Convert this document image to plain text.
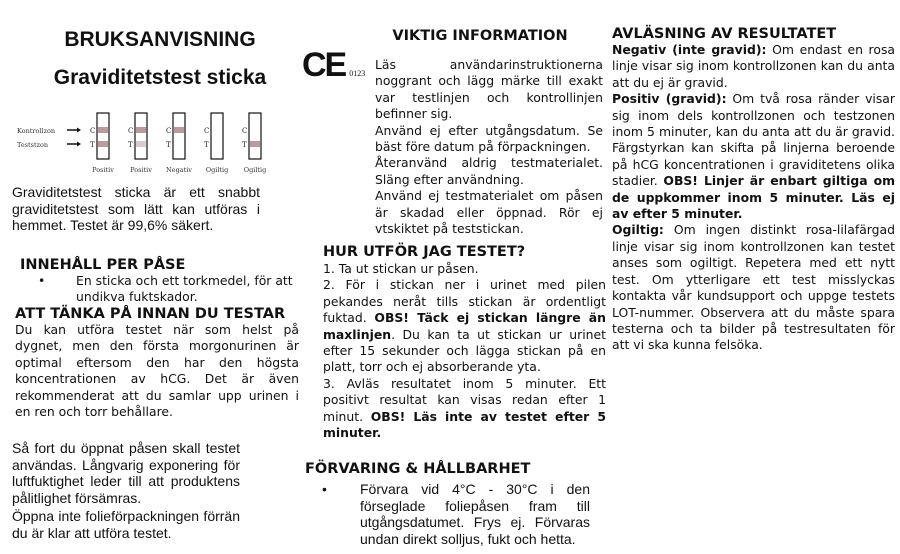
BRUKSANVISNING
Graviditetstest sticka	CE 0123
Kontrollzon
Teststzon
C
T
Positiv
C
T
Positiv
C
T
Negativ
C
T
Ogiltig
C
T
Ogiltig
Graviditetstest sticka är ett snabbt graviditetstest som lätt kan utföras i hemmet. Testet är 99,6% säkert.
INNEHÅLL PER PÅSE
• En sticka och ett torkmedel, för att undikva fuktskador.
ATT TÄNKA PÅ INNAN DU TESTAR
Du kan utföra testet när som helst på dygnet, men den första morgonurinen är optimal eftersom den har den högsta koncentrationen av hCG. Det är även rekommenderat att du samlar upp urinen i en ren och torr behållare.
Så fort du öppnat påsen skall testet användas. Långvarig exponering för luftfuktighet leder till att produktens pålitlighet försämras.
Öppna inte folieförpackningen förrän du är klar att utföra testet.
VIKTIG INFORMATION
Läs användarinstruktionerna noggrant och lägg märke till exakt var testlinjen och kontrollinjen befinner sig.
Använd ej efter utgångsdatum. Se bäst före datum på förpackningen.
Återanvänd aldrig testmaterialet. Släng efter användning.
Använd ej testmaterialet om påsen är skadad eller öppnad. Rör ej vtskiktet på teststickan.
HUR UTFÖR JAG TESTET?
1. Ta ut stickan ur påsen.
2. För i stickan ner i urinet med pilen pekandes neråt tills stickan är ordentligt fuktad. OBS! Täck ej stickan längre än maxlinjen. Du kan ta ut stickan ur urinet efter 15 sekunder och lägga stickan på en platt, torr och ej absorberande yta.
3. Avläs resultatet inom 5 minuter. Ett positivt resultat kan visas redan efter 1 minut. OBS! Läs inte av testet efter 5 minuter.
FÖRVARING & HÅLLBARHET
• Förvara vid 4°C - 30°C i den förseglade foliepåsen fram till utgångsdatumet. Frys ej. Förvaras undan direkt solljus, fukt och hetta.
AVLÄSNING AV RESULTATET
Negativ (inte gravid): Om endast en rosa linje visar sig inom kontrollzonen kan du anta att du ej är gravid.
Positiv (gravid): Om två rosa ränder visar sig inom dels kontrollzonen och testzonen inom 5 minuter, kan du anta att du är gravid. Färgstyrkan kan skifta på linjerna beroende på hCG koncentrationen i graviditetens olika stadier. OBS! Linjer är enbart giltiga om de uppkommer inom 5 minuter. Läs ej av efter 5 minuter.
Ogiltig: Om ingen distinkt rosa-lilafärgad linje visar sig inom kontrollzonen kan testet anses som ogiltigt. Repetera med ett nytt test. Om ytterligare ett test misslyckas kontakta vår kundsupport och uppge testets LOT-nummer. Observera att du måste spara testerna och ta bilder på testresultaten för att vi ska kunna felsöka.
